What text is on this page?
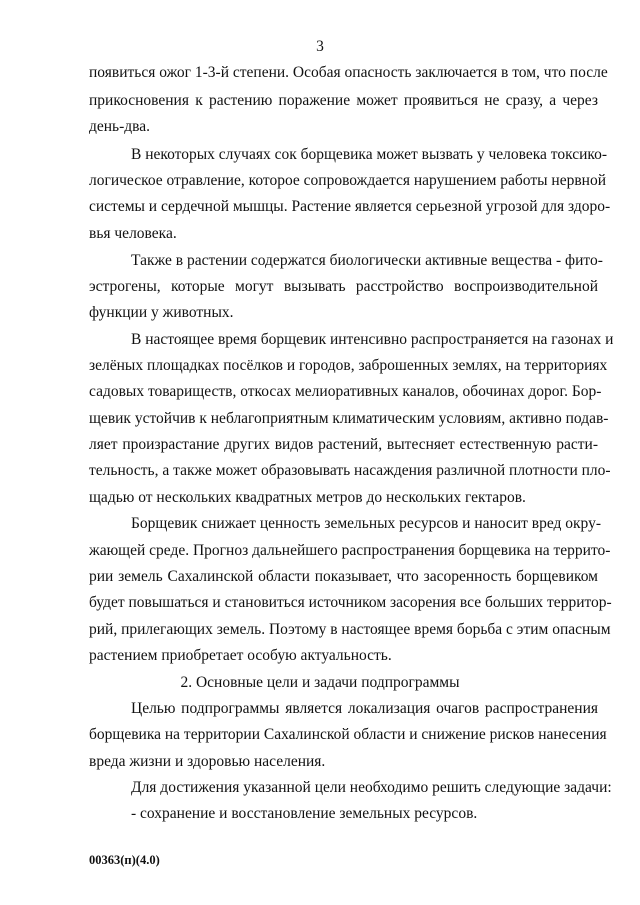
3
появиться ожог 1-3-й степени. Особая опасность заключается в том, что после
прикосновения к растению поражение может проявиться не сразу, а через
день-два.
В некоторых случаях сок борщевика может вызвать у человека токсико-
логическое отравление, которое сопровождается нарушением работы нервной
системы и сердечной мышцы. Растение является серьезной угрозой для здоро-
вья человека.
Также в растении содержатся биологически активные вещества - фито-
эстрогены, которые могут вызывать расстройство воспроизводительной
функции у животных.
В настоящее время борщевик интенсивно распространяется на газонах и
зелёных площадках посёлков и городов, заброшенных землях, на территориях
садовых товариществ, откосах мелиоративных каналов, обочинах дорог. Бор-
щевик устойчив к неблагоприятным климатическим условиям, активно подав-
ляет произрастание других видов растений, вытесняет естественную расти-
тельность, а также может образовывать насаждения различной плотности пло-
щадью от нескольких квадратных метров до нескольких гектаров.
Борщевик снижает ценность земельных ресурсов и наносит вред окру-
жающей среде. Прогноз дальнейшего распространения борщевика на террито-
рии земель Сахалинской области показывает, что засоренность борщевиком
будет повышаться и становиться источником засорения все больших территор-
рий, прилегающих земель. Поэтому в настоящее время борьба с этим опасным
растением приобретает особую актуальность.
2. Основные цели и задачи подпрограммы
Целью подпрограммы является локализация очагов распространения
борщевика на территории Сахалинской области и снижение рисков нанесения
вреда жизни и здоровью населения.
Для достижения указанной цели необходимо решить следующие задачи:
- сохранение и восстановление земельных ресурсов.
00363(п)(4.0)
